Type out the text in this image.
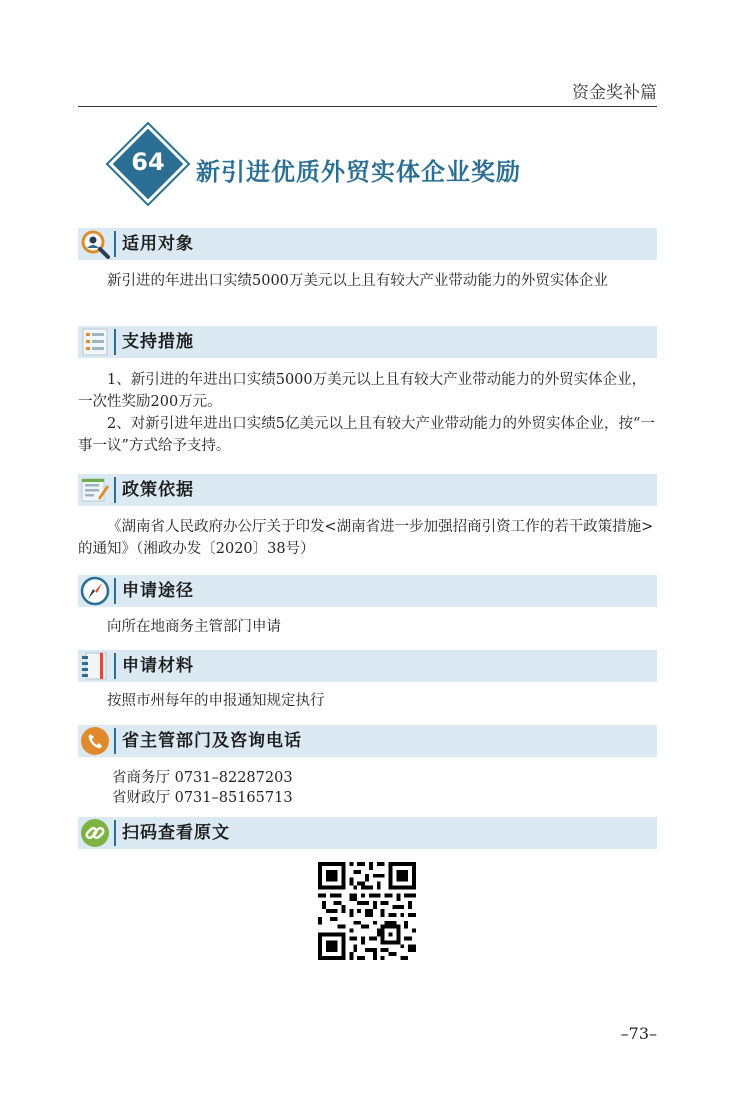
资金奖补篇
64	新引进优质外贸实体企业奖励
适用对象

新引进的年进出口实绩5000万美元以上且有较大产业带动能力的外贸实体企业

支持措施

1、新引进的年进出口实绩5000万美元以上且有较大产业带动能力的外贸实体企业，一次性奖励200万元。

2、对新引进年进出口实绩5亿美元以上且有较大产业带动能力的外贸实体企业，按“一事一议”方式给予支持。

政策依据

《湖南省人民政府办公厅关于印发<湖南省进一步加强招商引资工作的若干政策措施>的通知》（湘政办发〔2020〕38号）

申请途径

向所在地商务主管部门申请

申请材料

按照市州每年的申报通知规定执行

省主管部门及咨询电话

省商务厅 0731–82287203

省财政厅 0731–85165713

扫码查看原文
–73–
